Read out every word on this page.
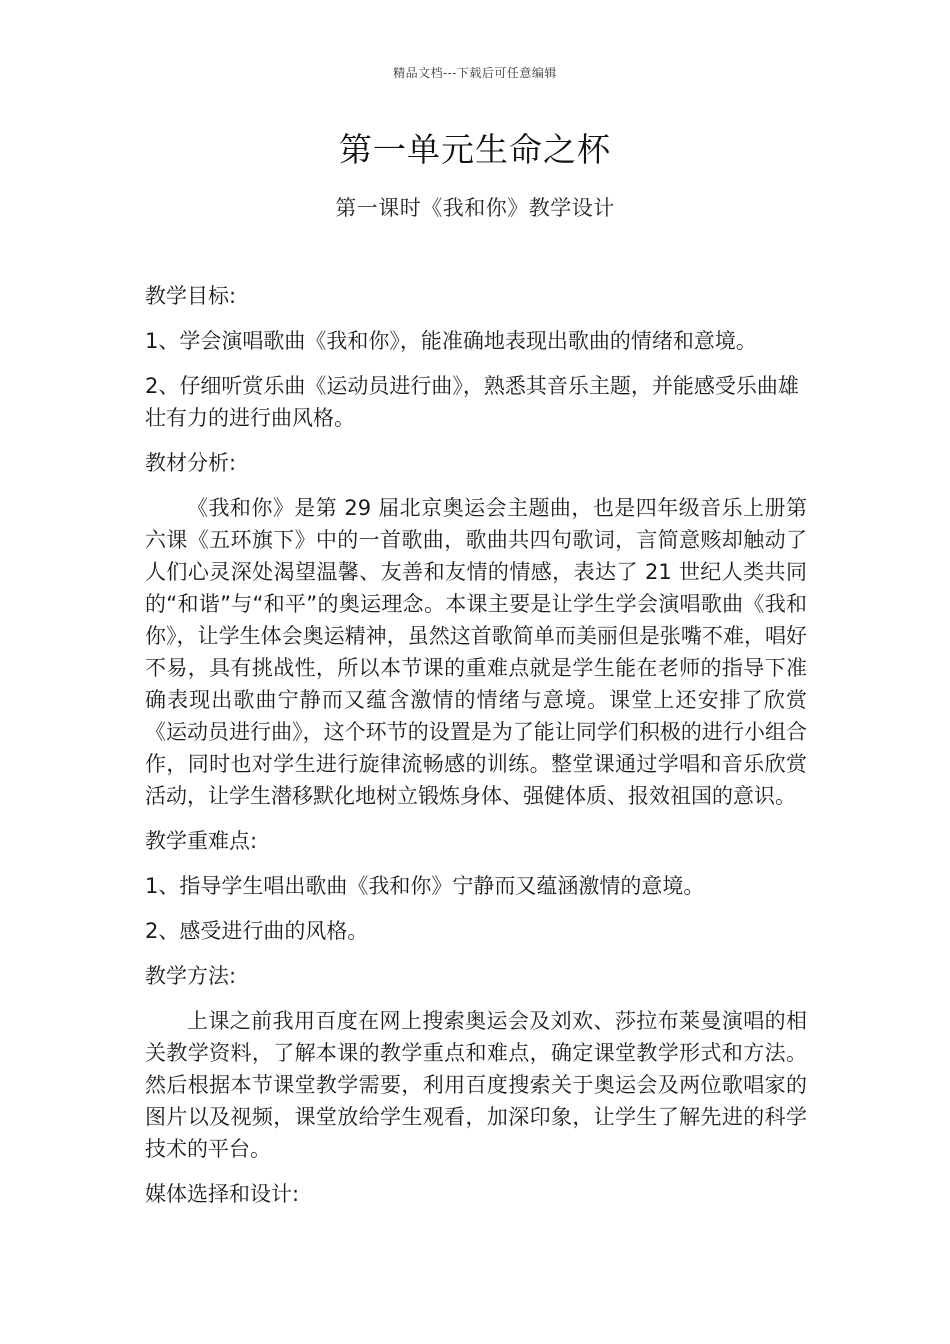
精品文档---下载后可任意编辑
第一单元生命之杯
第一课时《我和你》教学设计
教学目标:
1、学会演唱歌曲《我和你》，能准确地表现出歌曲的情绪和意境。
2、仔细听赏乐曲《运动员进行曲》，熟悉其音乐主题，并能感受乐曲雄壮有力的进行曲风格。
教材分析:
《我和你》是第 29 届北京奥运会主题曲，也是四年级音乐上册第六课《五环旗下》中的一首歌曲，歌曲共四句歌词，言简意赅却触动了人们心灵深处渴望温馨、友善和友情的情感，表达了 21 世纪人类共同的“和谐”与“和平”的奥运理念。本课主要是让学生学会演唱歌曲《我和你》，让学生体会奥运精神，虽然这首歌简单而美丽但是张嘴不难，唱好不易，具有挑战性，所以本节课的重难点就是学生能在老师的指导下准确表现出歌曲宁静而又蕴含激情的情绪与意境。课堂上还安排了欣赏《运动员进行曲》，这个环节的设置是为了能让同学们积极的进行小组合作，同时也对学生进行旋律流畅感的训练。整堂课通过学唱和音乐欣赏活动，让学生潜移默化地树立锻炼身体、强健体质、报效祖国的意识。
教学重难点:
1、指导学生唱出歌曲《我和你》宁静而又蕴涵激情的意境。
2、感受进行曲的风格。
教学方法:
上课之前我用百度在网上搜索奥运会及刘欢、莎拉布莱曼演唱的相关教学资料，了解本课的教学重点和难点，确定课堂教学形式和方法。然后根据本节课堂教学需要，利用百度搜索关于奥运会及两位歌唱家的图片以及视频，课堂放给学生观看，加深印象，让学生了解先进的科学技术的平台。
媒体选择和设计:
